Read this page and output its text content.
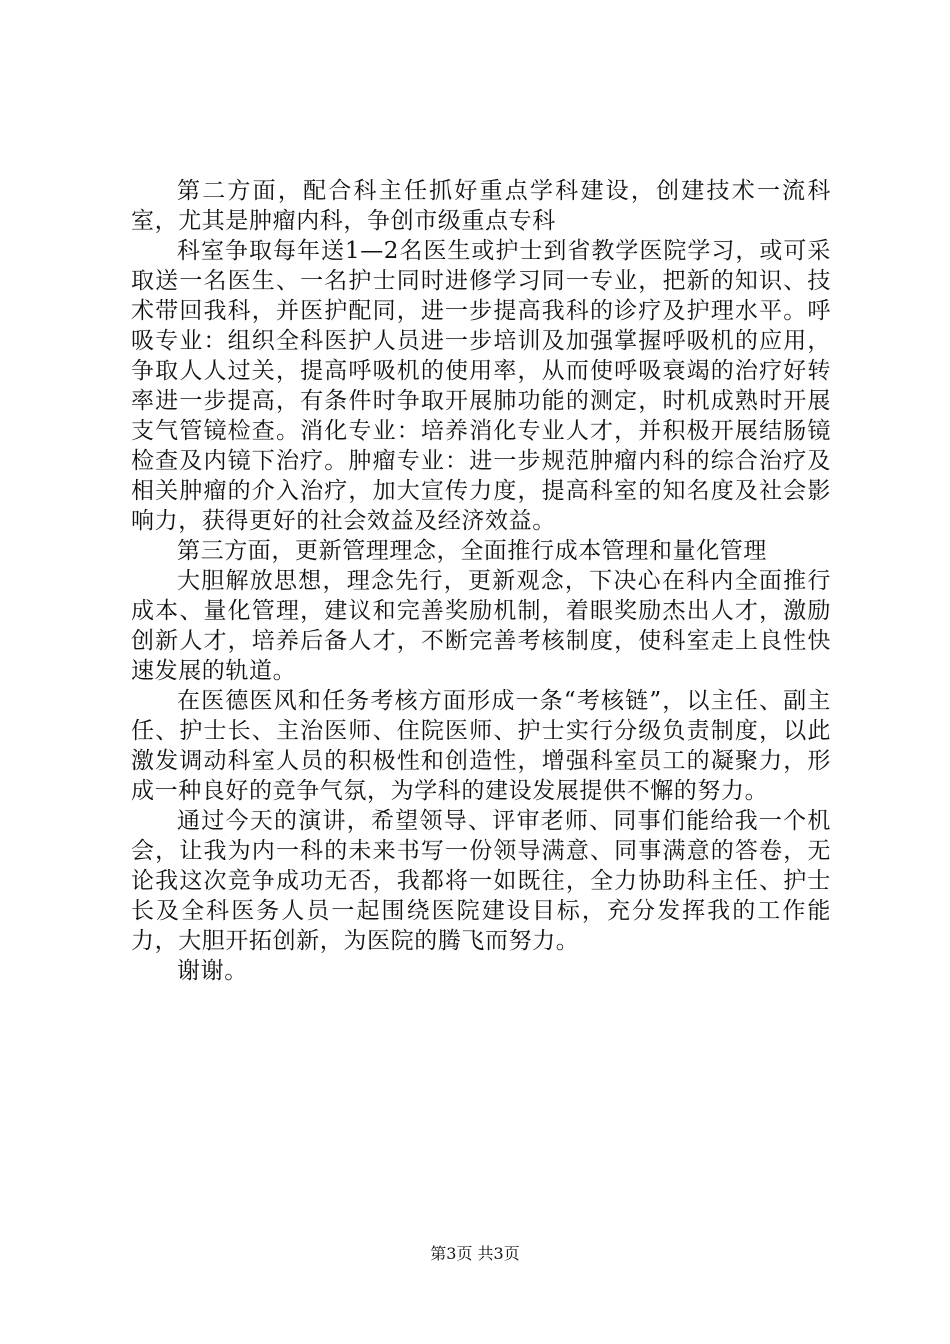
第二方面，配合科主任抓好重点学科建设，创建技术一流科室，尤其是肿瘤内科，争创市级重点专科

科室争取每年送1—2名医生或护士到省教学医院学习，或可采取送一名医生、一名护士同时进修学习同一专业，把新的知识、技术带回我科，并医护配同，进一步提高我科的诊疗及护理水平。呼吸专业：组织全科医护人员进一步培训及加强掌握呼吸机的应用，争取人人过关，提高呼吸机的使用率，从而使呼吸衰竭的治疗好转率进一步提高，有条件时争取开展肺功能的测定，时机成熟时开展支气管镜检查。消化专业：培养消化专业人才，并积极开展结肠镜检查及内镜下治疗。肿瘤专业：进一步规范肿瘤内科的综合治疗及相关肿瘤的介入治疗，加大宣传力度，提高科室的知名度及社会影响力，获得更好的社会效益及经济效益。

第三方面，更新管理理念，全面推行成本管理和量化管理

大胆解放思想，理念先行，更新观念，下决心在科内全面推行成本、量化管理，建议和完善奖励机制，着眼奖励杰出人才，激励创新人才，培养后备人才，不断完善考核制度，使科室走上良性快速发展的轨道。

在医德医风和任务考核方面形成一条“考核链”，以主任、副主任、护士长、主治医师、住院医师、护士实行分级负责制度，以此激发调动科室人员的积极性和创造性，增强科室员工的凝聚力，形成一种良好的竞争气氛，为学科的建设发展提供不懈的努力。

通过今天的演讲，希望领导、评审老师、同事们能给我一个机会，让我为内一科的未来书写一份领导满意、同事满意的答卷，无论我这次竞争成功无否，我都将一如既往，全力协助科主任、护士长及全科医务人员一起围绕医院建设目标，充分发挥我的工作能力，大胆开拓创新，为医院的腾飞而努力。

谢谢。

第3页 共3页
